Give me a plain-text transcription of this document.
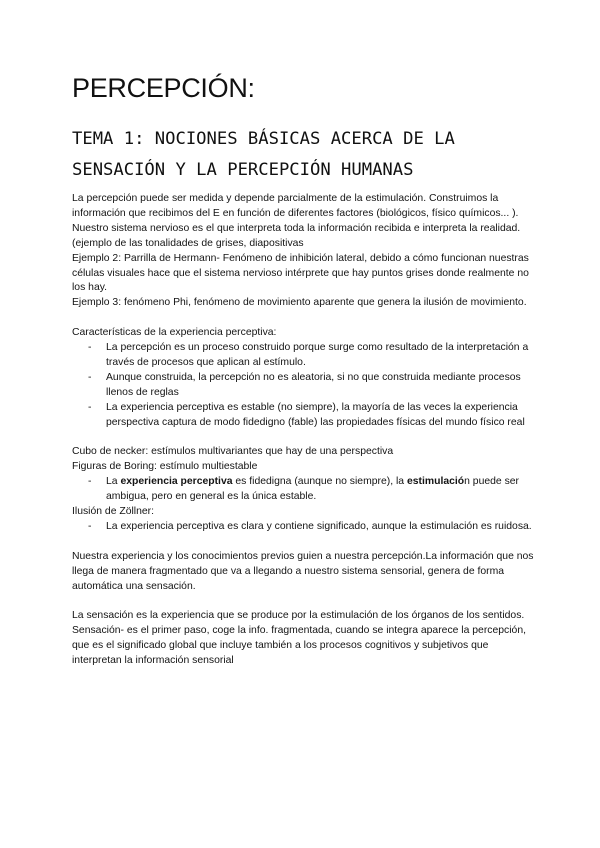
PERCEPCIÓN:
TEMA 1: NOCIONES BÁSICAS ACERCA DE LA SENSACIÓN Y LA PERCEPCIÓN HUMANAS

La percepción puede ser medida y depende parcialmente de la estimulación. Construimos la información que recibimos del E en función de diferentes factores (biológicos, físico químicos... ). Nuestro sistema nervioso es el que interpreta toda la información recibida e interpreta la realidad. (ejemplo de las tonalidades de grises, diapositivas

Ejemplo 2: Parrilla de Hermann- Fenómeno de inhibición lateral, debido a cómo funcionan nuestras células visuales hace que el sistema nervioso intérprete que hay puntos grises donde realmente no los hay.

Ejemplo 3: fenómeno Phi, fenómeno de movimiento aparente que genera la ilusión de movimiento.

Características de la experiencia perceptiva:

- La percepción es un proceso construido porque surge como resultado de la interpretación a través de procesos que aplican al estímulo.
- Aunque construida, la percepción no es aleatoria, si no que construida mediante procesos llenos de reglas
- La experiencia perceptiva es estable (no siempre), la mayoría de las veces la experiencia perspectiva captura de modo fidedigno (fable) las propiedades físicas del mundo físico real

Cubo de necker: estímulos multivariantes que hay de una perspectiva

Figuras de Boring: estímulo multiestable

- La experiencia perceptiva es fidedigna (aunque no siempre), la estimulación puede ser ambigua, pero en general es la única estable.

Ilusión de Zöllner:

- La experiencia perceptiva es clara y contiene significado, aunque la estimulación es ruidosa.

Nuestra experiencia y los conocimientos previos guien a nuestra percepción.La información que nos llega de manera fragmentado que va a llegando a nuestro sistema sensorial, genera de forma automática una sensación.

La sensación es la experiencia que se produce por la estimulación de los órganos de los sentidos.

Sensación- es el primer paso, coge la info. fragmentada, cuando se integra aparece la percepción, que es el significado global que incluye también a los procesos cognitivos y subjetivos que interpretan la información sensorial
